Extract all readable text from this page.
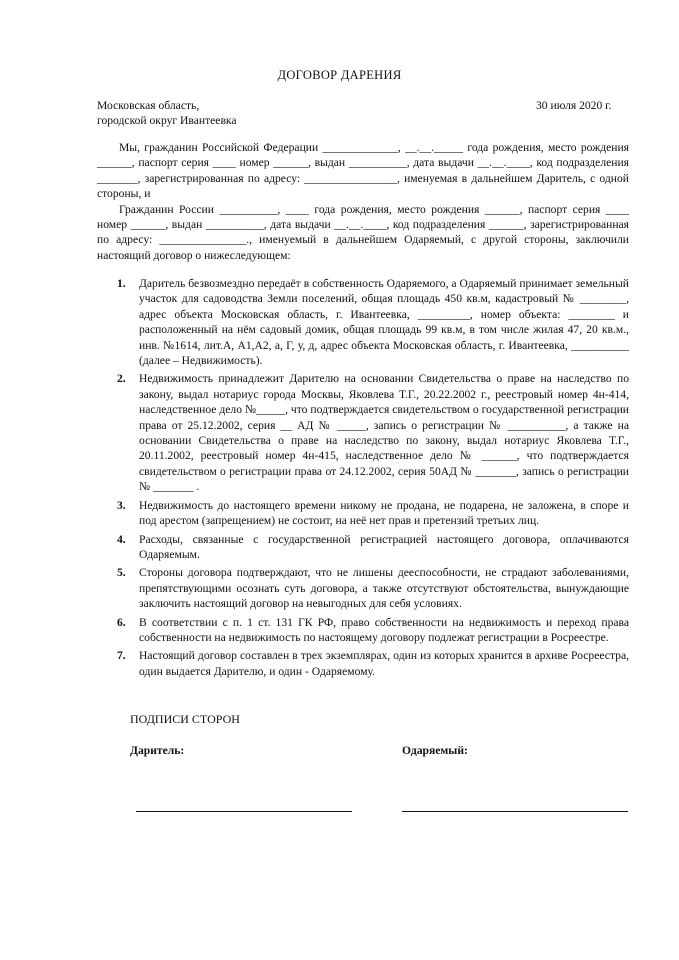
ДОГОВОР ДАРЕНИЯ
Московская область,
городской округ Ивантеевка
30 июля 2020 г.

Мы, гражданин Российской Федерации _____________, __.__._____ года рождения, место рождения ______, паспорт серия ____ номер ______, выдан __________, дата выдачи __.__.____, код подразделения _______, зарегистрированная по адресу: ________________, именуемая в дальнейшем Даритель, с одной стороны, и

Гражданин России __________, ____ года рождения, место рождения ______, паспорт серия ____ номер ______, выдан __________, дата выдачи __.__.____, код подразделения ______, зарегистрированная по адресу: _______________., именуемый в дальнейшем Одаряемый, с другой стороны, заключили настоящий договор о нижеследующем:

1. Даритель безвозмездно передаёт в собственность Одаряемого, а Одаряемый принимает земельный участок для садоводства Земли поселений, общая площадь 450 кв.м, кадастровый № ________, адрес объекта Московская область, г. Ивантеевка, _________, номер объекта: ________ и расположенный на нём садовый домик, общая площадь 99 кв.м, в том числе жилая 47, 20 кв.м., инв. №1614, лит.А, А1,А2, а, Г, у, д, адрес объекта Московская область, г. Ивантеевка, __________ (далее – Недвижимость).
2. Недвижимость принадлежит Дарителю на основании Свидетельства о праве на наследство по закону, выдал нотариус города Москвы, Яковлева Т.Г., 20.22.2002 г., реестровый номер 4н-414, наследственное дело №_____, что подтверждается свидетельством о государственной регистрации права от 25.12.2002, серия __ АД № _____, запись о регистрации № __________, а также на основании Свидетельства о праве на наследство по закону, выдал нотариус Яковлева Т.Г., 20.11.2002, реестровый номер 4н-415, наследственное дело № ______, что подтверждается свидетельством о регистрации права от 24.12.2002, серия 50АД № _______, запись о регистрации № _______ .
3. Недвижимость до настоящего времени никому не продана, не подарена, не заложена, в споре и под арестом (запрещением) не состоит, на неё нет прав и претензий третьих лиц.
4. Расходы, связанные с государственной регистрацией настоящего договора, оплачиваются Одаряемым.
5. Стороны договора подтверждают, что не лишены дееспособности, не страдают заболеваниями, препятствующими осознать суть договора, а также отсутствуют обстоятельства, вынуждающие заключить настоящий договор на невыгодных для себя условиях.
6. В соответствии с п. 1 ст. 131 ГК РФ, право собственности на недвижимость и переход права собственности на недвижимость по настоящему договору подлежат регистрации в Росреестре.
7. Настоящий договор составлен в трех экземплярах, один из которых хранится в архиве Росреестра, один выдается Дарителю, и один - Одаряемому.
ПОДПИСИ СТОРОН
Даритель:	Одаряемый:
